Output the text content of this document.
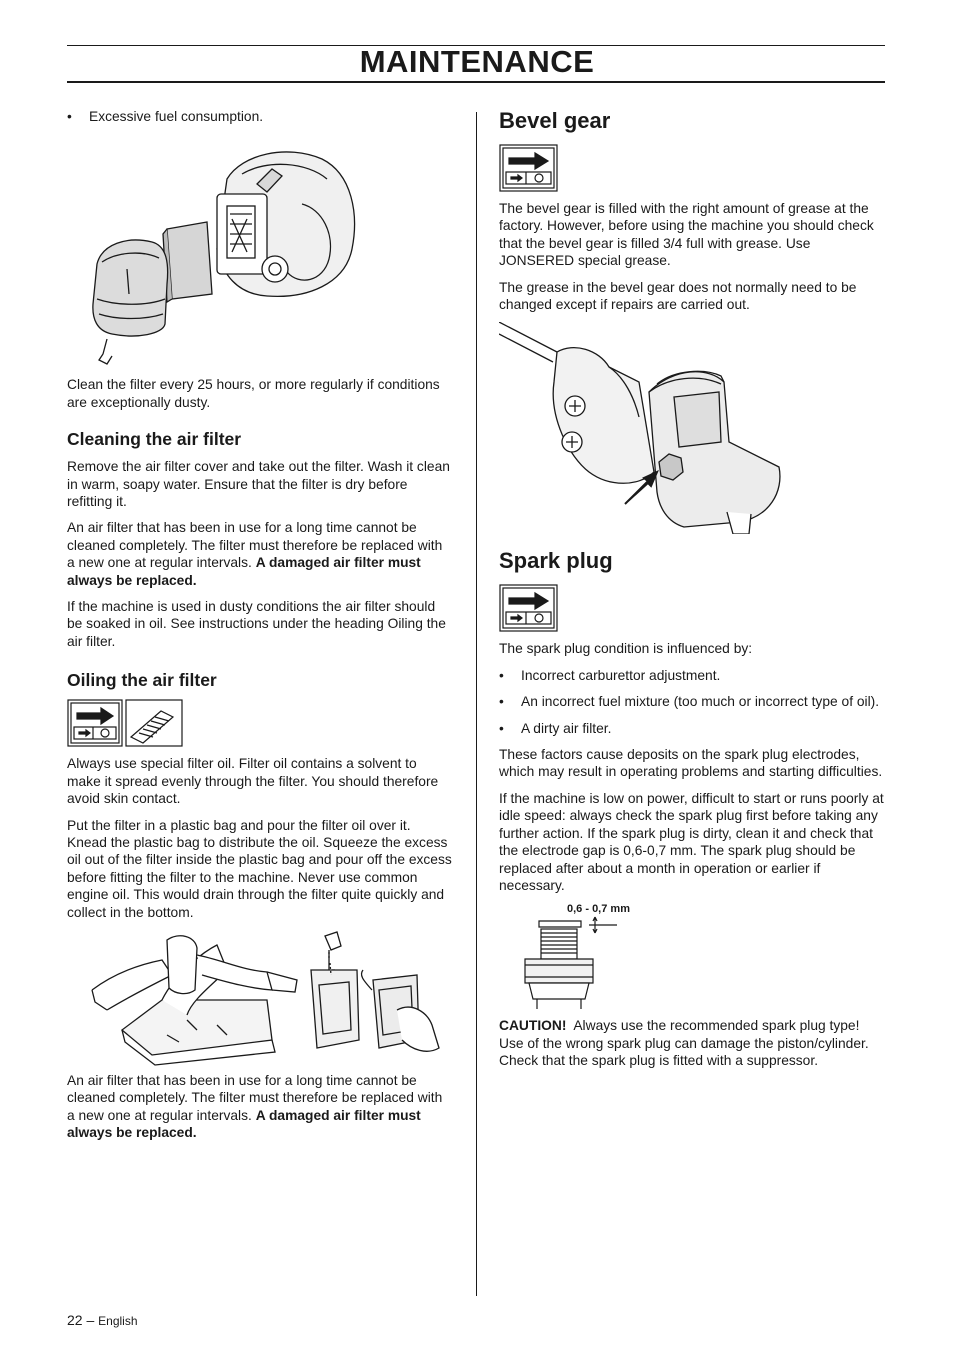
MAINTENANCE
• Excessive fuel consumption.

Clean the filter every 25 hours, or more regularly if conditions are exceptionally dusty.

Cleaning the air filter

Remove the air filter cover and take out the filter. Wash it clean in warm, soapy water. Ensure that the filter is dry before refitting it.

An air filter that has been in use for a long time cannot be cleaned completely. The filter must therefore be replaced with a new one at regular intervals. A damaged air filter must always be replaced.

If the machine is used in dusty conditions the air filter should be soaked in oil. See instructions under the heading Oiling the air filter.

Oiling the air filter

Always use special filter oil. Filter oil contains a solvent to make it spread evenly through the filter. You should therefore avoid skin contact.

Put the filter in a plastic bag and pour the filter oil over it. Knead the plastic bag to distribute the oil. Squeeze the excess oil out of the filter inside the plastic bag and pour off the excess before fitting the filter to the machine. Never use common engine oil. This would drain through the filter quite quickly and collect in the bottom.

An air filter that has been in use for a long time cannot be cleaned completely. The filter must therefore be replaced with a new one at regular intervals. A damaged air filter must always be replaced.

Bevel gear

The bevel gear is filled with the right amount of grease at the factory. However, before using the machine you should check that the bevel gear is filled 3/4 full with grease. Use JONSERED special grease.

The grease in the bevel gear does not normally need to be changed except if repairs are carried out.

Spark plug

The spark plug condition is influenced by:

• Incorrect carburettor adjustment.
• An incorrect fuel mixture (too much or incorrect type of oil).
• A dirty air filter.

These factors cause deposits on the spark plug electrodes, which may result in operating problems and starting difficulties.

If the machine is low on power, difficult to start or runs poorly at idle speed: always check the spark plug first before taking any further action. If the spark plug is dirty, clean it and check that the electrode gap is 0,6-0,7 mm. The spark plug should be replaced after about a month in operation or earlier if necessary.

0,6 - 0,7 mm

CAUTION! Always use the recommended spark plug type! Use of the wrong spark plug can damage the piston/cylinder. Check that the spark plug is fitted with a suppressor.

22 – English
